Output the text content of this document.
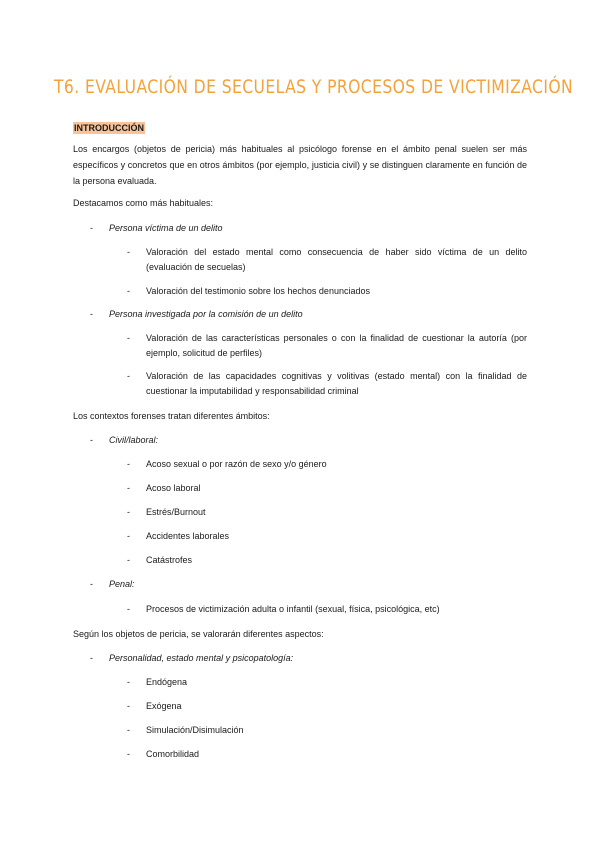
T6. EVALUACIÓN DE SECUELAS Y PROCESOS DE VICTIMIZACIÓN
INTRODUCCIÓN
Los encargos (objetos de pericia) más habituales al psicólogo forense en el ámbito penal suelen ser más específicos y concretos que en otros ámbitos (por ejemplo, justicia civil) y se distinguen claramente en función de la persona evaluada.
Destacamos como más habituales:
- Persona víctima de un delito
- Valoración del estado mental como consecuencia de haber sido víctima de un delito (evaluación de secuelas)
- Valoración del testimonio sobre los hechos denunciados
- Persona investigada por la comisión de un delito
- Valoración de las características personales o con la finalidad de cuestionar la autoría (por ejemplo, solicitud de perfiles)
- Valoración de las capacidades cognitivas y volitivas (estado mental) con la finalidad de cuestionar la imputabilidad y responsabilidad criminal
Los contextos forenses tratan diferentes ámbitos:
- Civil/laboral:
- Acoso sexual o por razón de sexo y/o género
- Acoso laboral
- Estrés/Burnout
- Accidentes laborales
- Catástrofes
- Penal:
- Procesos de victimización adulta o infantil (sexual, física, psicológica, etc)
Según los objetos de pericia, se valorarán diferentes aspectos:
- Personalidad, estado mental y psicopatología:
- Endógena
- Exógena
- Simulación/Disimulación
- Comorbilidad
